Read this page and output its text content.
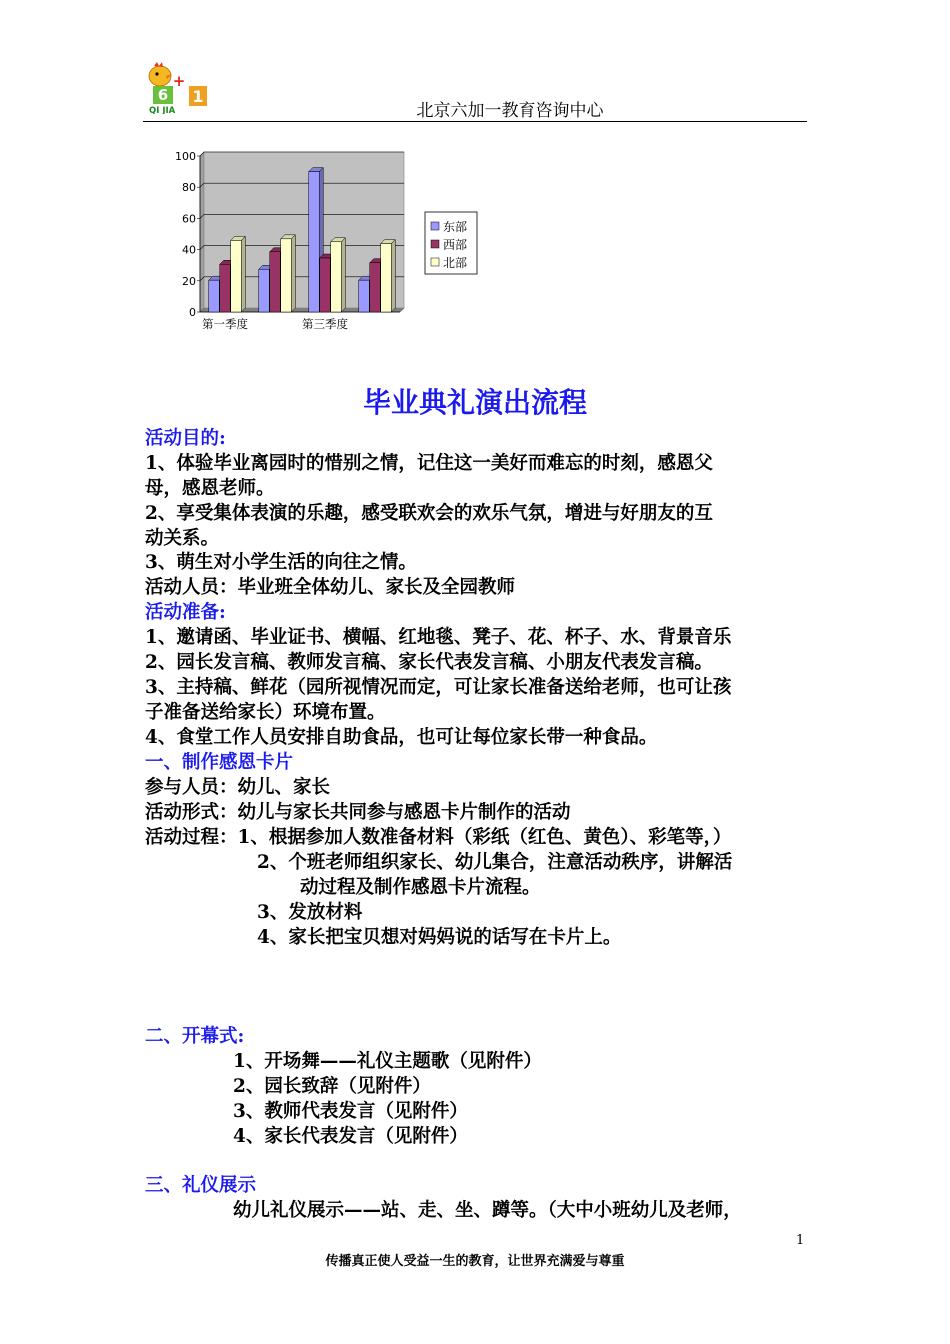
6
+
1
QI JIA	北京六加一教育咨询中心
0
20
40
60
80
100
第一季度	第三季度
东部
西部
北部
毕业典礼演出流程
活动目的:
1、体验毕业离园时的惜别之情，记住这一美好而难忘的时刻，感恩父
母，感恩老师。
2、享受集体表演的乐趣，感受联欢会的欢乐气氛，增进与好朋友的互
动关系。
3、萌生对小学生活的向往之情。
活动人员：毕业班全体幼儿、家长及全园教师
活动准备:
1、邀请函、毕业证书、横幅、红地毯、凳子、花、杯子、水、背景音乐
2、园长发言稿、教师发言稿、家长代表发言稿、小朋友代表发言稿。
3、主持稿、鲜花（园所视情况而定，可让家长准备送给老师，也可让孩
子准备送给家长）环境布置。
4、食堂工作人员安排自助食品，也可让每位家长带一种食品。
一、制作感恩卡片
参与人员：幼儿、家长
活动形式：幼儿与家长共同参与感恩卡片制作的活动
活动过程：1、根据参加人数准备材料（彩纸（红色、黄色）、彩笔等，）
2、个班老师组织家长、幼儿集合，注意活动秩序，讲解活
动过程及制作感恩卡片流程。
3、发放材料
4、家长把宝贝想对妈妈说的话写在卡片上。
二、开幕式:
1、开场舞——礼仪主题歌（见附件）
2、园长致辞（见附件）
3、教师代表发言（见附件）
4、家长代表发言（见附件）
三、礼仪展示
幼儿礼仪展示——站、走、坐、蹲等。（大中小班幼儿及老师，
1
传播真正使人受益一生的教育，让世界充满爱与尊重
